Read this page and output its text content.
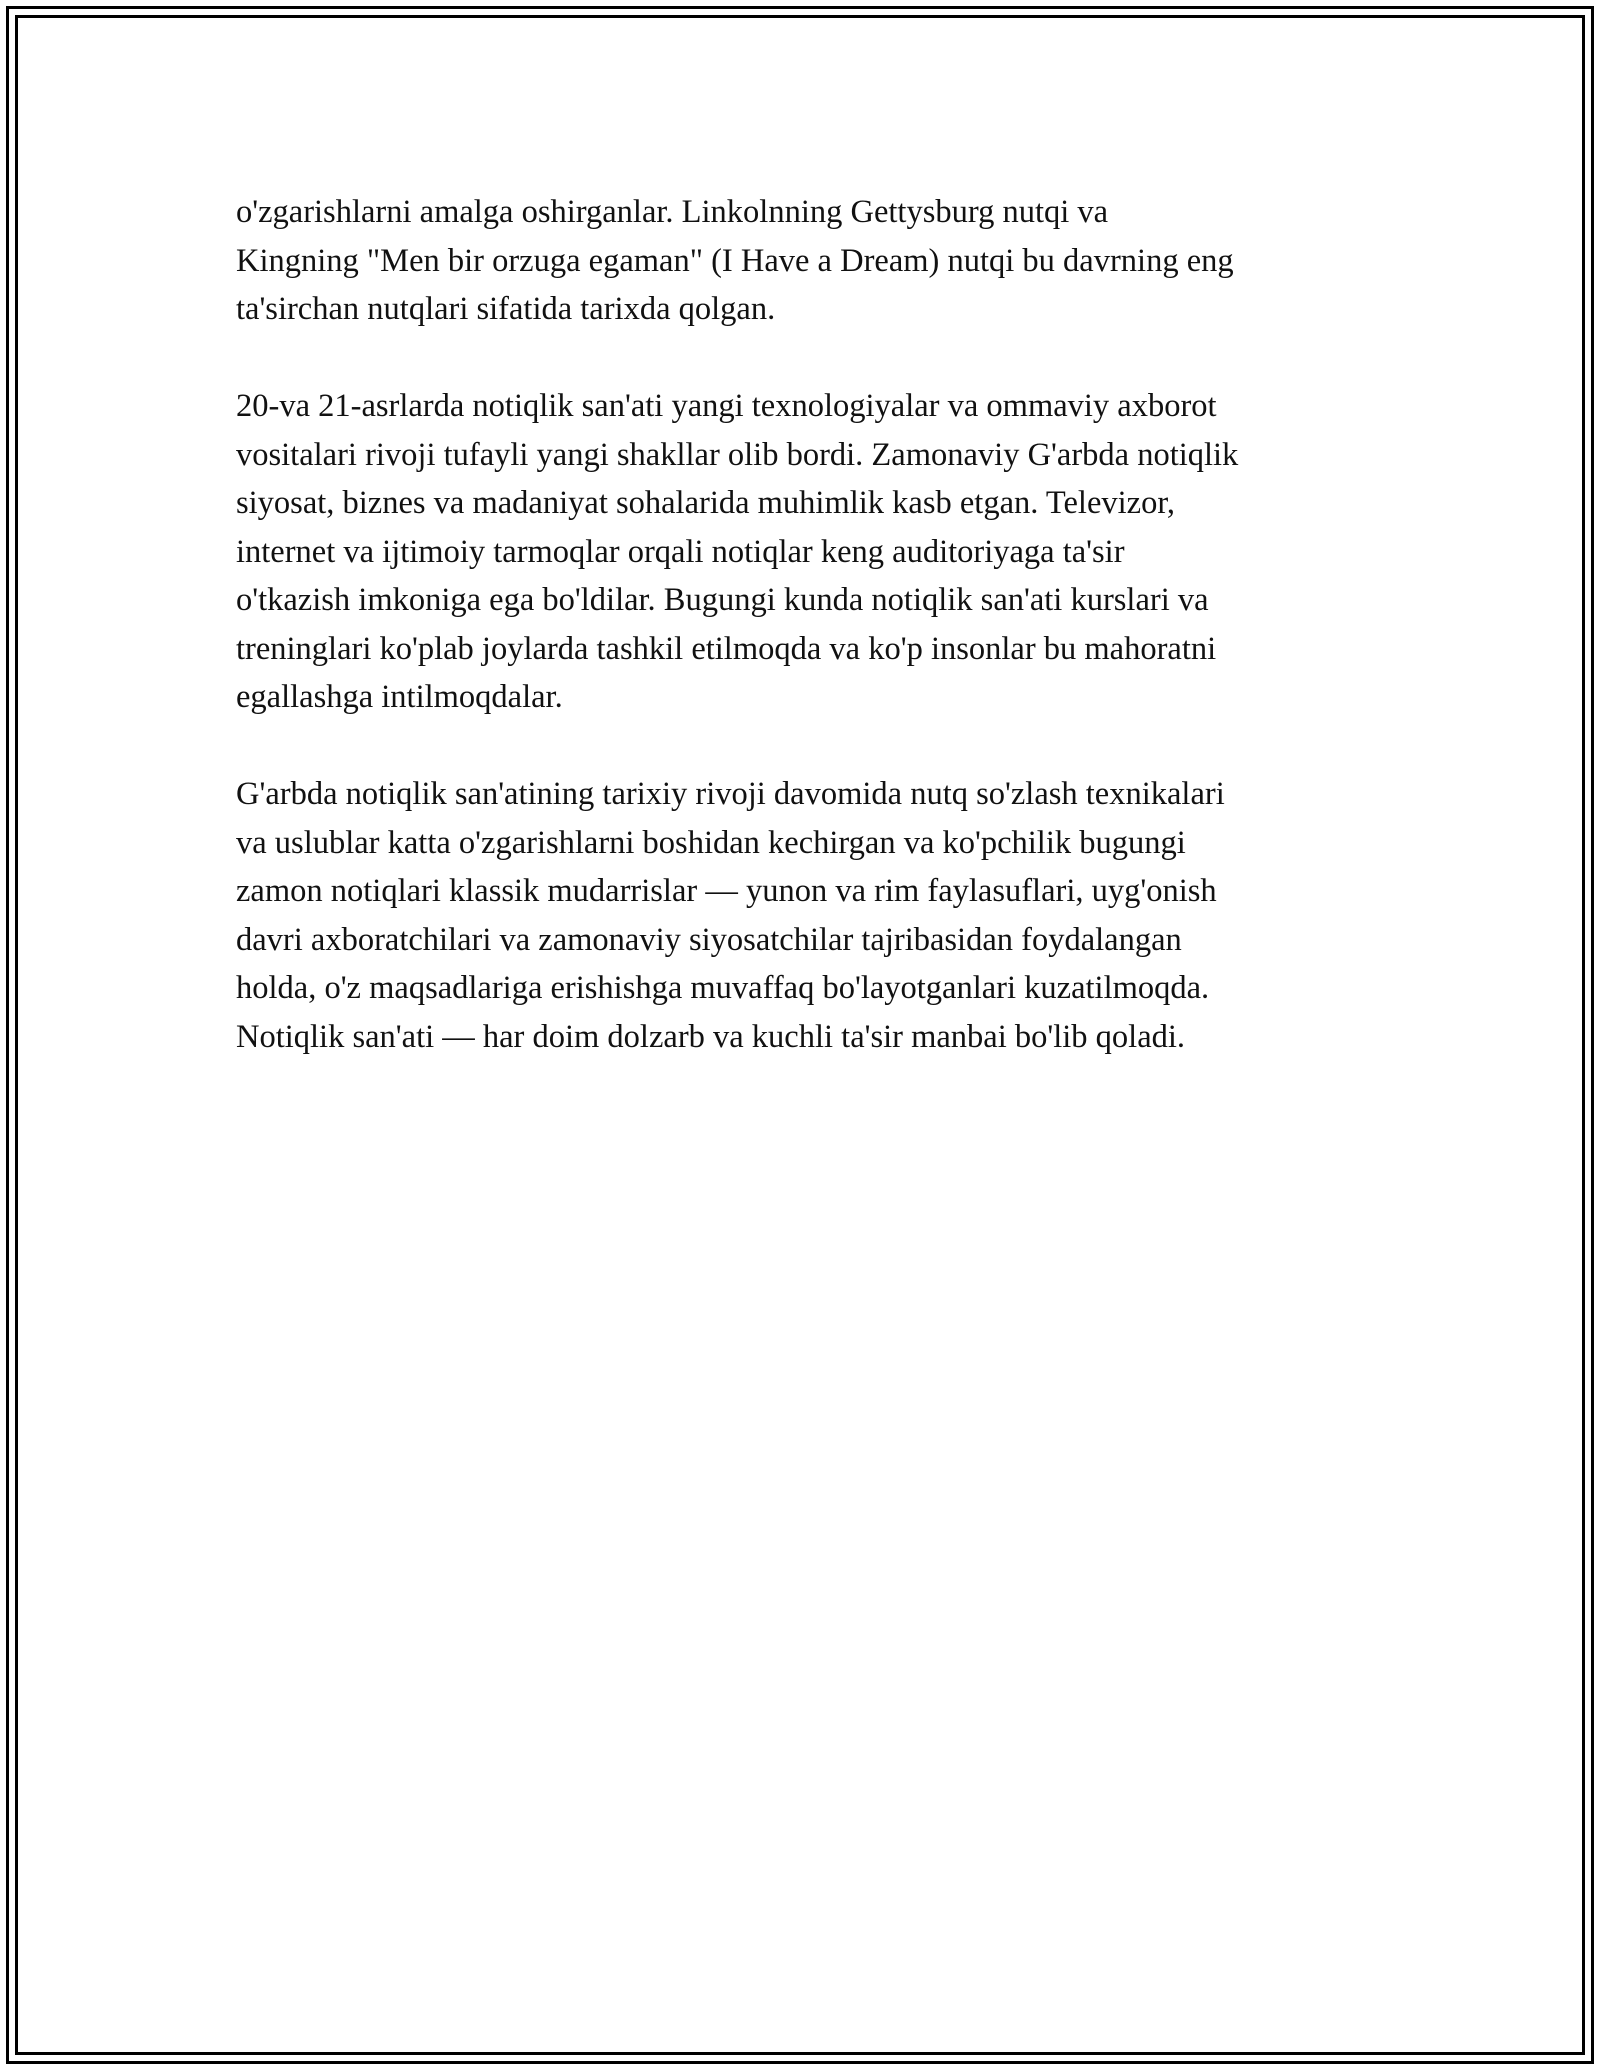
o'zgarishlarni amalga oshirganlar. Linkolnning Gettysburg nutqi va
Kingning "Men bir orzuga egaman" (I Have a Dream) nutqi bu davrning eng
ta'sirchan nutqlari sifatida tarixda qolgan.
20-va 21-asrlarda notiqlik san'ati yangi texnologiyalar va ommaviy axborot
vositalari rivoji tufayli yangi shakllar olib bordi. Zamonaviy G'arbda notiqlik
siyosat, biznes va madaniyat sohalarida muhimlik kasb etgan. Televizor,
internet va ijtimoiy tarmoqlar orqali notiqlar keng auditoriyaga ta'sir
o'tkazish imkoniga ega bo'ldilar. Bugungi kunda notiqlik san'ati kurslari va
treninglari ko'plab joylarda tashkil etilmoqda va ko'p insonlar bu mahoratni
egallashga intilmoqdalar.
G'arbda notiqlik san'atining tarixiy rivoji davomida nutq so'zlash texnikalari
va uslublar katta o'zgarishlarni boshidan kechirgan va ko'pchilik bugungi
zamon notiqlari klassik mudarrislar — yunon va rim faylasuflari, uyg'onish
davri axboratchilari va zamonaviy siyosatchilar tajribasidan foydalangan
holda, o'z maqsadlariga erishishga muvaffaq bo'layotganlari kuzatilmoqda.
Notiqlik san'ati — har doim dolzarb va kuchli ta'sir manbai bo'lib qoladi.
